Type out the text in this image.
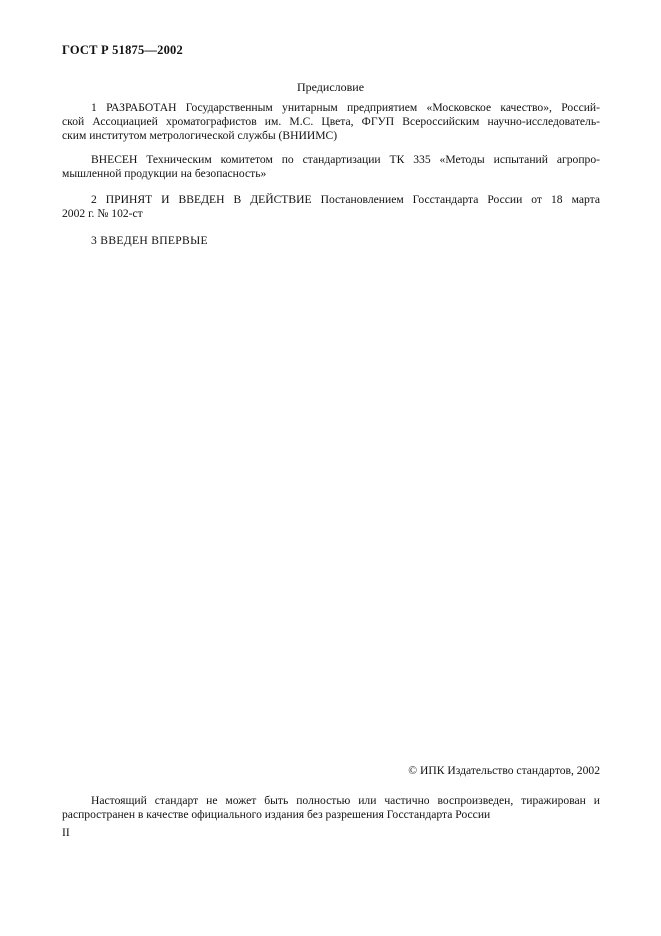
ГОСТ Р 51875—2002
Предисловие
1 РАЗРАБОТАН Государственным унитарным предприятием «Московское качество», Россий-
ской Ассоциацией хроматографистов им. М.С. Цвета, ФГУП Всероссийским научно-исследователь-
ским институтом метрологической службы (ВНИИМС)
ВНЕСЕН Техническим комитетом по стандартизации ТК 335 «Методы испытаний агропро-
мышленной продукции на безопасность»
2 ПРИНЯТ И ВВЕДЕН В ДЕЙСТВИЕ Постановлением Госстандарта России от 18 марта
2002 г. № 102-ст
3 ВВЕДЕН ВПЕРВЫЕ
© ИПК Издательство стандартов, 2002
Настоящий стандарт не может быть полностью или частично воспроизведен, тиражирован и
распространен в качестве официального издания без разрешения Госстандарта России
II
